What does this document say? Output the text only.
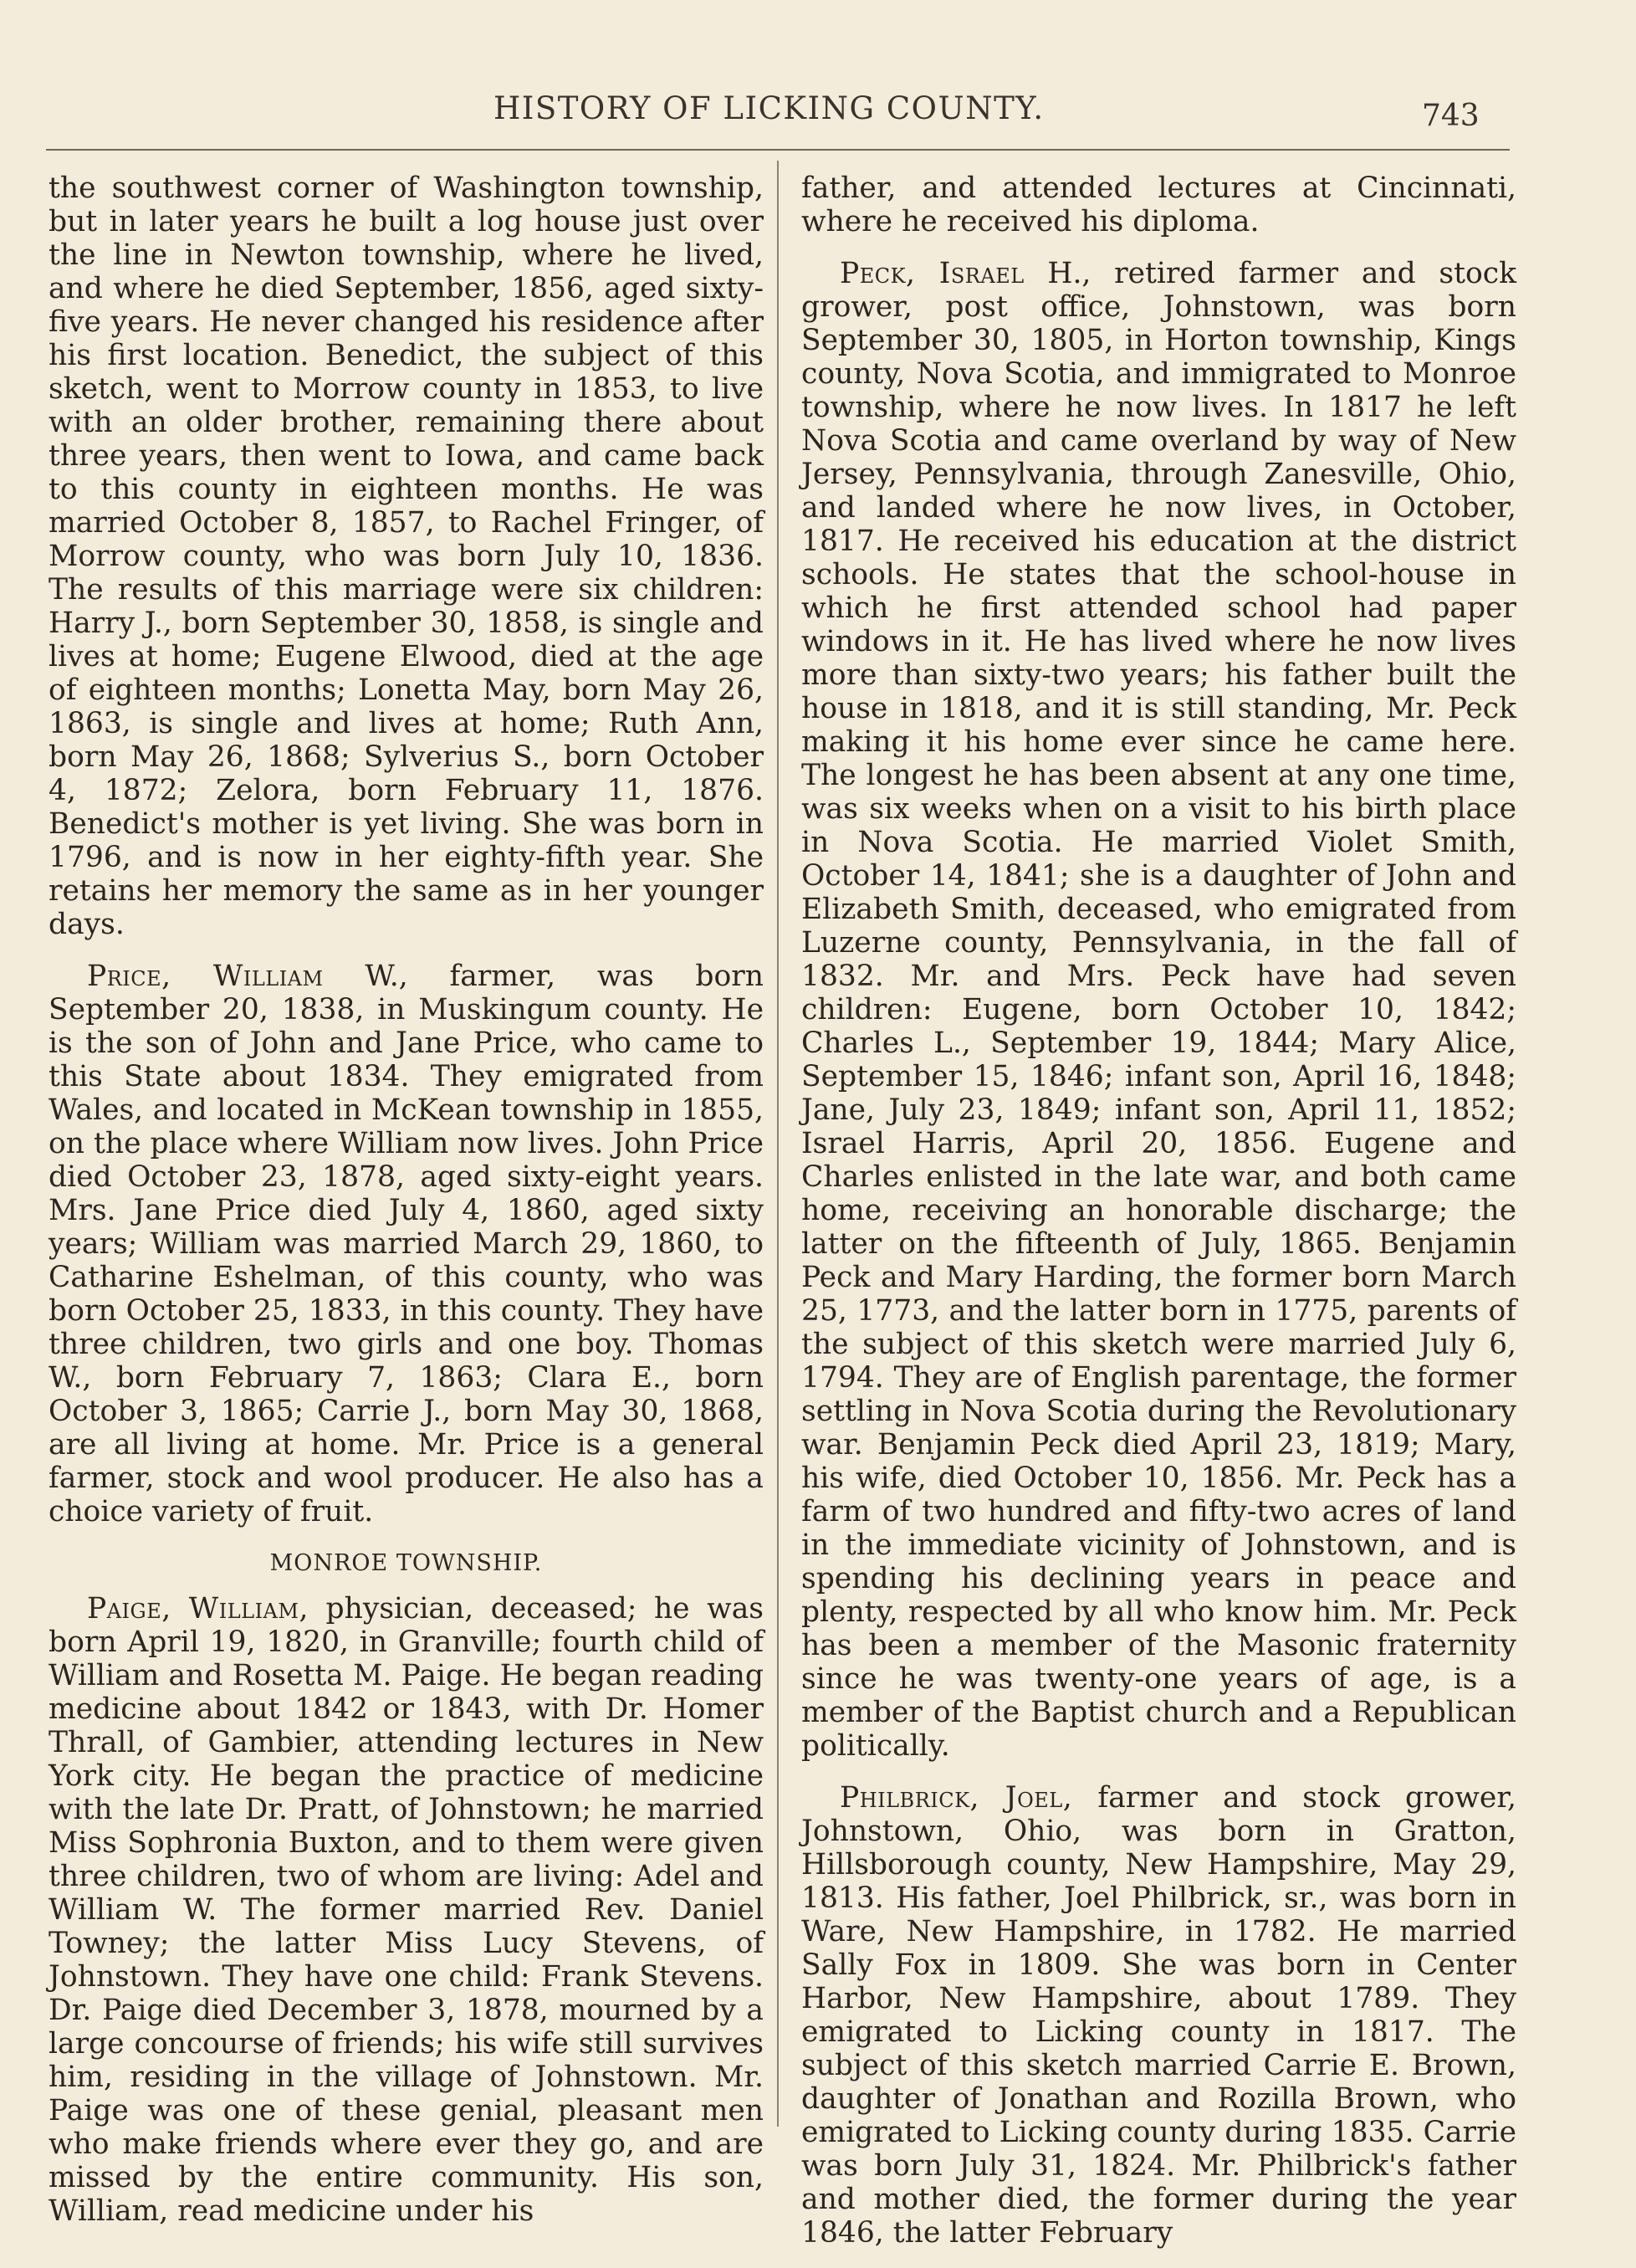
HISTORY OF LICKING COUNTY.	743

the southwest corner of Washington township, but in later years he built a log house just over the line in Newton township, where he lived, and where he died September, 1856, aged sixty-five years. He never changed his residence after his first location. Benedict, the subject of this sketch, went to Morrow county in 1853, to live with an older brother, remaining there about three years, then went to Iowa, and came back to this county in eighteen months. He was married October 8, 1857, to Rachel Fringer, of Morrow county, who was born July 10, 1836. The results of this marriage were six children: Harry J., born September 30, 1858, is single and lives at home; Eugene Elwood, died at the age of eighteen months; Lonetta May, born May 26, 1863, is single and lives at home; Ruth Ann, born May 26, 1868; Sylverius S., born October 4, 1872; Zelora, born February 11, 1876. Benedict's mother is yet living. She was born in 1796, and is now in her eighty-fifth year. She retains her memory the same as in her younger days.

Price, William W., farmer, was born September 20, 1838, in Muskingum county. He is the son of John and Jane Price, who came to this State about 1834. They emigrated from Wales, and located in McKean township in 1855, on the place where William now lives. John Price died October 23, 1878, aged sixty-eight years. Mrs. Jane Price died July 4, 1860, aged sixty years; William was married March 29, 1860, to Catharine Eshelman, of this county, who was born October 25, 1833, in this county. They have three children, two girls and one boy. Thomas W., born February 7, 1863; Clara E., born October 3, 1865; Carrie J., born May 30, 1868, are all living at home. Mr. Price is a general farmer, stock and wool producer. He also has a choice variety of fruit.

MONROE TOWNSHIP.

Paige, William, physician, deceased; he was born April 19, 1820, in Granville; fourth child of William and Rosetta M. Paige. He began reading medicine about 1842 or 1843, with Dr. Homer Thrall, of Gambier, attending lectures in New York city. He began the practice of medicine with the late Dr. Pratt, of Johnstown; he married Miss Sophronia Buxton, and to them were given three children, two of whom are living: Adel and William W. The former married Rev. Daniel Towney; the latter Miss Lucy Stevens, of Johnstown. They have one child: Frank Stevens. Dr. Paige died December 3, 1878, mourned by a large concourse of friends; his wife still survives him, residing in the village of Johnstown. Mr. Paige was one of these genial, pleasant men who make friends where ever they go, and are missed by the entire community. His son, William, read medicine under his

father, and attended lectures at Cincinnati, where he received his diploma.

Peck, Israel H., retired farmer and stock grower, post office, Johnstown, was born September 30, 1805, in Horton township, Kings county, Nova Scotia, and immigrated to Monroe township, where he now lives. In 1817 he left Nova Scotia and came overland by way of New Jersey, Pennsylvania, through Zanesville, Ohio, and landed where he now lives, in October, 1817. He received his education at the district schools. He states that the school-house in which he first attended school had paper windows in it. He has lived where he now lives more than sixty-two years; his father built the house in 1818, and it is still standing, Mr. Peck making it his home ever since he came here. The longest he has been absent at any one time, was six weeks when on a visit to his birth place in Nova Scotia. He married Violet Smith, October 14, 1841; she is a daughter of John and Elizabeth Smith, deceased, who emigrated from Luzerne county, Pennsylvania, in the fall of 1832. Mr. and Mrs. Peck have had seven children: Eugene, born October 10, 1842; Charles L., September 19, 1844; Mary Alice, September 15, 1846; infant son, April 16, 1848; Jane, July 23, 1849; infant son, April 11, 1852; Israel Harris, April 20, 1856. Eugene and Charles enlisted in the late war, and both came home, receiving an honorable discharge; the latter on the fifteenth of July, 1865. Benjamin Peck and Mary Harding, the former born March 25, 1773, and the latter born in 1775, parents of the subject of this sketch were married July 6, 1794. They are of English parentage, the former settling in Nova Scotia during the Revolutionary war. Benjamin Peck died April 23, 1819; Mary, his wife, died October 10, 1856. Mr. Peck has a farm of two hundred and fifty-two acres of land in the immediate vicinity of Johnstown, and is spending his declining years in peace and plenty, respected by all who know him. Mr. Peck has been a member of the Masonic fraternity since he was twenty-one years of age, is a member of the Baptist church and a Republican politically.

Philbrick, Joel, farmer and stock grower, Johnstown, Ohio, was born in Gratton, Hillsborough county, New Hampshire, May 29, 1813. His father, Joel Philbrick, sr., was born in Ware, New Hampshire, in 1782. He married Sally Fox in 1809. She was born in Center Harbor, New Hampshire, about 1789. They emigrated to Licking county in 1817. The subject of this sketch married Carrie E. Brown, daughter of Jonathan and Rozilla Brown, who emigrated to Licking county during 1835. Carrie was born July 31, 1824. Mr. Philbrick's father and mother died, the former during the year 1846, the latter February
